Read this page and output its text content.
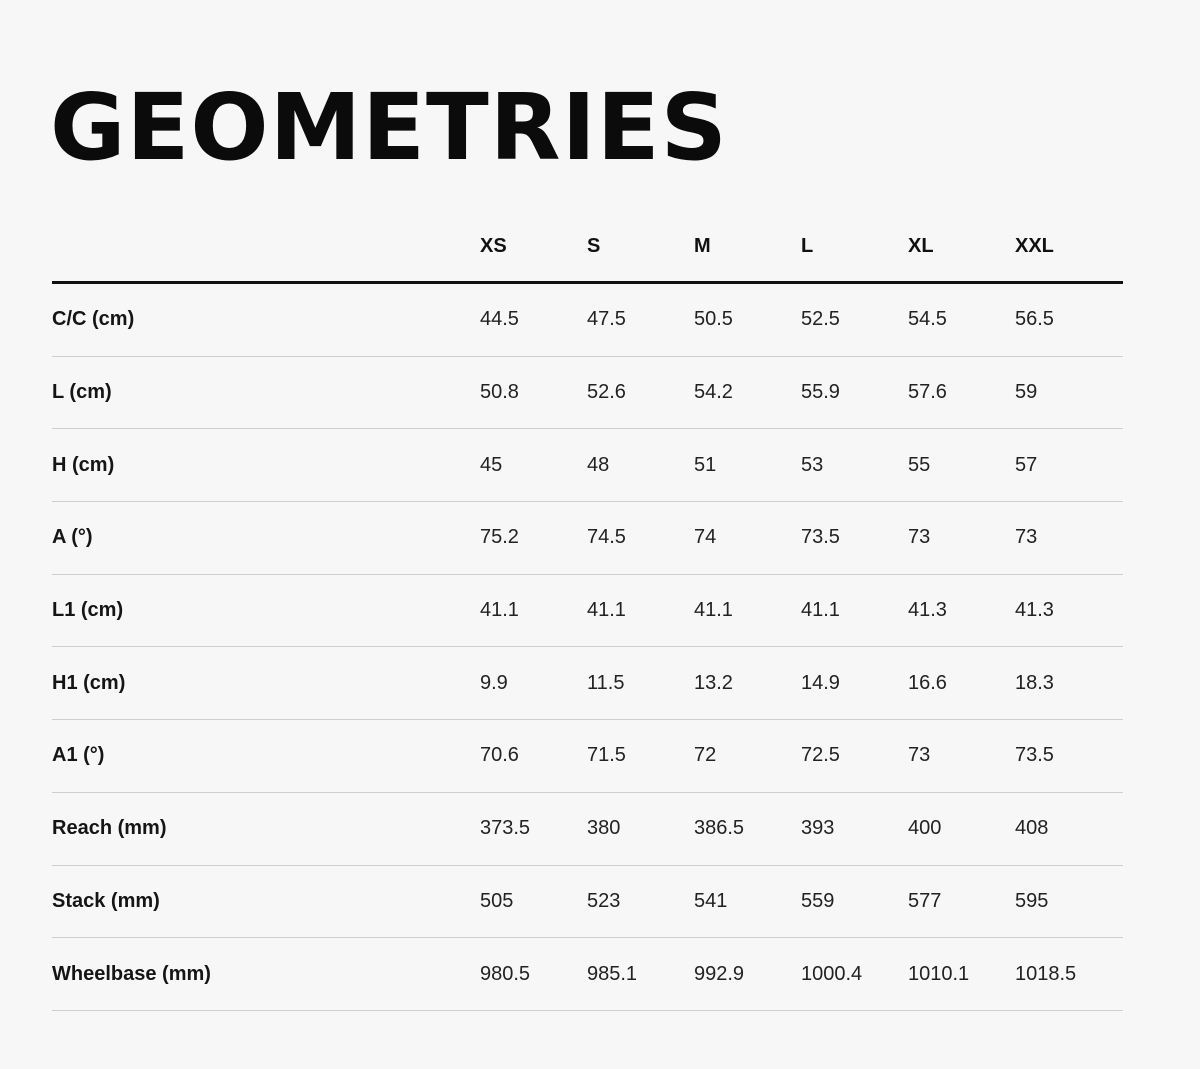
GEOMETRIES
XS	S	M	L	XL	XXL
C/C (cm)	44.5	47.5	50.5	52.5	54.5	56.5
L (cm)	50.8	52.6	54.2	55.9	57.6	59
H (cm)	45	48	51	53	55	57
A (°)	75.2	74.5	74	73.5	73	73
L1 (cm)	41.1	41.1	41.1	41.1	41.3	41.3
H1 (cm)	9.9	11.5	13.2	14.9	16.6	18.3
A1 (°)	70.6	71.5	72	72.5	73	73.5
Reach (mm)	373.5	380	386.5	393	400	408
Stack (mm)	505	523	541	559	577	595
Wheelbase (mm)	980.5	985.1	992.9	1000.4 1010.1 1018.5
